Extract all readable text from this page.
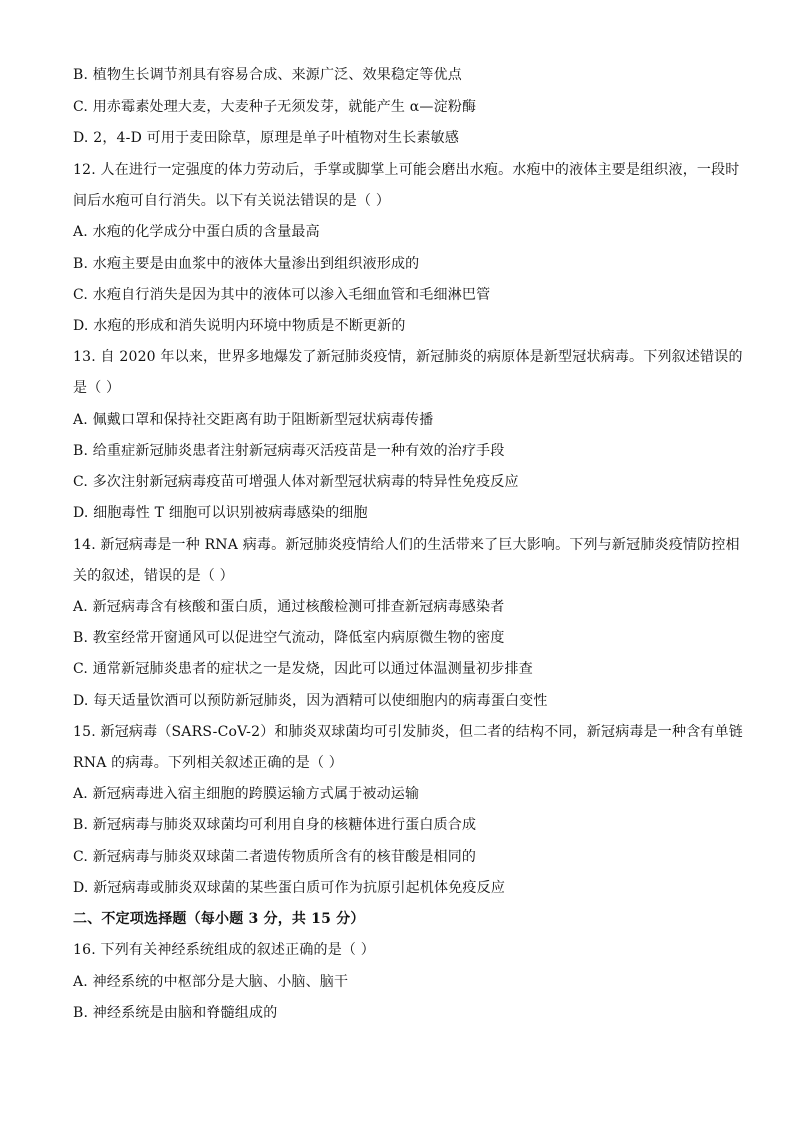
B. 植物生长调节剂具有容易合成、来源广泛、效果稳定等优点
C. 用赤霉素处理大麦，大麦种子无须发芽，就能产生 α—淀粉酶
D. 2，4-D 可用于麦田除草，原理是单子叶植物对生长素敏感
12. 人在进行一定强度的体力劳动后，手掌或脚掌上可能会磨出水疱。水疱中的液体主要是组织液，一段时
间后水疱可自行消失。以下有关说法错误的是（ ）
A. 水疱的化学成分中蛋白质的含量最高
B. 水疱主要是由血浆中的液体大量渗出到组织液形成的
C. 水疱自行消失是因为其中的液体可以渗入毛细血管和毛细淋巴管
D. 水疱的形成和消失说明内环境中物质是不断更新的
13. 自 2020 年以来，世界多地爆发了新冠肺炎疫情，新冠肺炎的病原体是新型冠状病毒。下列叙述错误的
是（ ）
A. 佩戴口罩和保持社交距离有助于阻断新型冠状病毒传播
B. 给重症新冠肺炎患者注射新冠病毒灭活疫苗是一种有效的治疗手段
C. 多次注射新冠病毒疫苗可增强人体对新型冠状病毒的特异性免疫反应
D. 细胞毒性 T 细胞可以识别被病毒感染的细胞
14. 新冠病毒是一种 RNA 病毒。新冠肺炎疫情给人们的生活带来了巨大影响。下列与新冠肺炎疫情防控相
关的叙述，错误的是（ ）
A. 新冠病毒含有核酸和蛋白质，通过核酸检测可排查新冠病毒感染者
B. 教室经常开窗通风可以促进空气流动，降低室内病原微生物的密度
C. 通常新冠肺炎患者的症状之一是发烧，因此可以通过体温测量初步排查
D. 每天适量饮酒可以预防新冠肺炎，因为酒精可以使细胞内的病毒蛋白变性
15. 新冠病毒（SARS-CoV-2）和肺炎双球菌均可引发肺炎，但二者的结构不同，新冠病毒是一种含有单链
RNA 的病毒。下列相关叙述正确的是（ ）
A. 新冠病毒进入宿主细胞的跨膜运输方式属于被动运输
B. 新冠病毒与肺炎双球菌均可利用自身的核糖体进行蛋白质合成
C. 新冠病毒与肺炎双球菌二者遗传物质所含有的核苷酸是相同的
D. 新冠病毒或肺炎双球菌的某些蛋白质可作为抗原引起机体免疫反应
二、不定项选择题（每小题 3 分，共 15 分）
16. 下列有关神经系统组成的叙述正确的是（ ）
A. 神经系统的中枢部分是大脑、小脑、脑干
B. 神经系统是由脑和脊髓组成的
